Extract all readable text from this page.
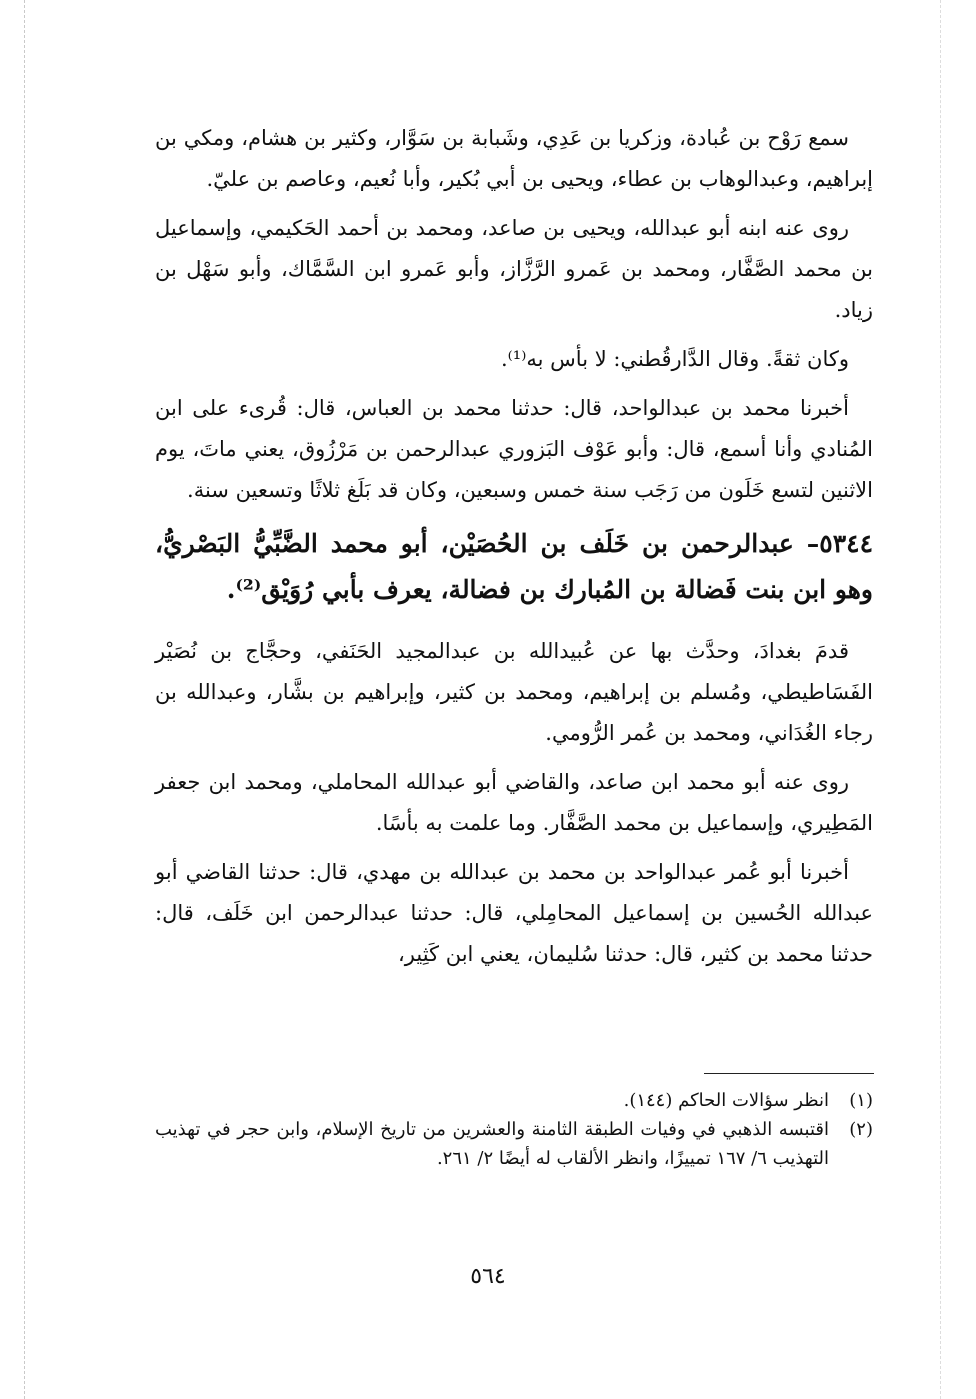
سمع رَوْح بن عُبادة، وزكريا بن عَدِي، وشَبابة بن سَوَّار، وكثير بن هشام، ومكي بن إبراهيم، وعبدالوهاب بن عطاء، ويحيى بن أبي بُكير، وأبا نُعيم، وعاصم بن عليّ.

روى عنه ابنه أبو عبدالله، ويحيى بن صاعد، ومحمد بن أحمد الحَكيمي، وإسماعيل بن محمد الصَّفَّار، ومحمد بن عَمرو الرَّزَّاز، وأبو عَمرو ابن السَّمَّاك، وأبو سَهْل بن زياد.

وكان ثقةً. وقال الدَّارقُطني: لا بأس به⁽¹⁾.

أخبرنا محمد بن عبدالواحد، قال: حدثنا محمد بن العباس، قال: قُرىء على ابن المُنادي وأنا أسمع، قال: وأبو عَوْف البَزوري عبدالرحمن بن مَرْزُوق، يعني ماتَ، يوم الاثنين لتسع خَلَون من رَجَب سنة خمس وسبعين، وكان قد بَلَغ ثلاثًا وتسعين سنة.

٥٣٤٤– عبدالرحمن بن خَلَف بن الحُصَيْن، أبو محمد الضَّبِّيُّ البَصْريُّ، وهو ابن بنت فَضالة بن المُبارك بن فضالة، يعرف بأبي رُوَيْق⁽²⁾.

قدمَ بغدادَ، وحدَّث بها عن عُبيدالله بن عبدالمجيد الحَنَفي، وحجَّاج بن نُصَيْر الفَسَاطيطي، ومُسلم بن إبراهيم، ومحمد بن كثير، وإبراهيم بن بشَّار، وعبدالله بن رجاء الغُدَاني، ومحمد بن عُمر الرُّومي.

روى عنه أبو محمد ابن صاعد، والقاضي أبو عبدالله المحاملي، ومحمد ابن جعفر المَطِيري، وإسماعيل بن محمد الصَّفَّار. وما علمت به بأسًا.

أخبرنا أبو عُمر عبدالواحد بن محمد بن عبدالله بن مهدي، قال: حدثنا القاضي أبو عبدالله الحُسين بن إسماعيل المحامِلي، قال: حدثنا عبدالرحمن ابن خَلَف، قال: حدثنا محمد بن كثير، قال: حدثنا سُليمان، يعني ابن كَثِير،

(١)
انظر سؤالات الحاكم (١٤٤).
(٢)
اقتبسه الذهبي في وفيات الطبقة الثامنة والعشرين من تاريخ الإسلام، وابن حجر في تهذيب التهذيب ٦/ ١٦٧ تمييزًا، وانظر الألقاب له أيضًا ٢/ ٢٦١.
٥٦٤
